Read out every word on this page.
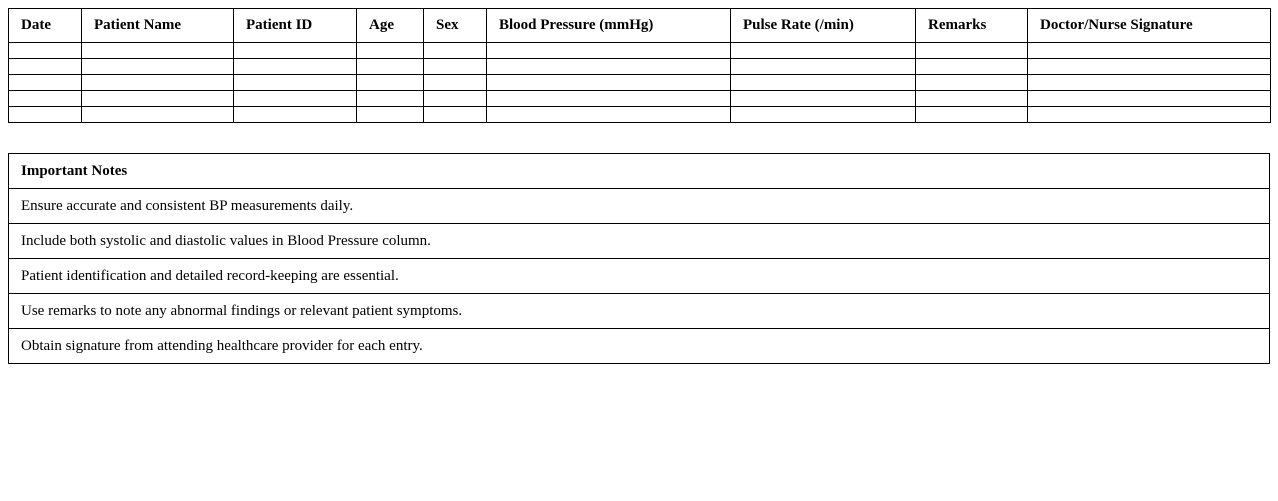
Date	Patient Name	Patient ID	Age	Sex	Blood Pressure (mmHg)	Pulse Rate (/min)	Remarks	Doctor/Nurse Signature

Important Notes
Ensure accurate and consistent BP measurements daily.
Include both systolic and diastolic values in Blood Pressure column.
Patient identification and detailed record-keeping are essential.
Use remarks to note any abnormal findings or relevant patient symptoms.
Obtain signature from attending healthcare provider for each entry.
